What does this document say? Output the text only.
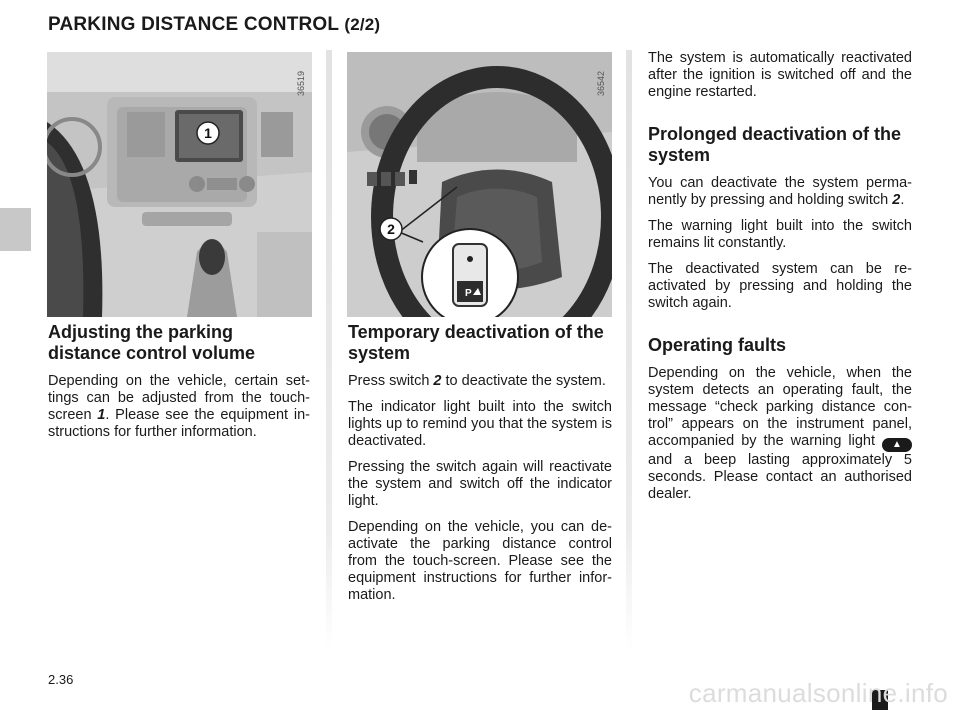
PARKING DISTANCE CONTROL (2/2)
1
36519
P
2
36542
Adjusting the parking distance control volume

Depending on the vehicle, certain settings can be adjusted from the touch-screen 1. Please see the equipment instructions for further information.

Temporary deactivation of the system

Press switch 2 to deactivate the system.

The indicator light built into the switch lights up to remind you that the system is deactivated.

Pressing the switch again will reactivate the system and switch off the indicator light.

Depending on the vehicle, you can deactivate the parking distance control from the touch-screen. Please see the equipment instructions for further information.

The system is automatically reactivated after the ignition is switched off and the engine restarted.

Prolonged deactivation of the system

You can deactivate the system permanently by pressing and holding switch 2.

The warning light built into the switch remains lit constantly.

The deactivated system can be reactivated by pressing and holding the switch again.

Operating faults

Depending on the vehicle, when the system detects an operating fault, the message “check parking distance control” appears on the instrument panel, accompanied by the warning light ▲ and a beep lasting approximately 5 seconds. Please contact an authorised dealer.

2.36	carmanualsonline.info
